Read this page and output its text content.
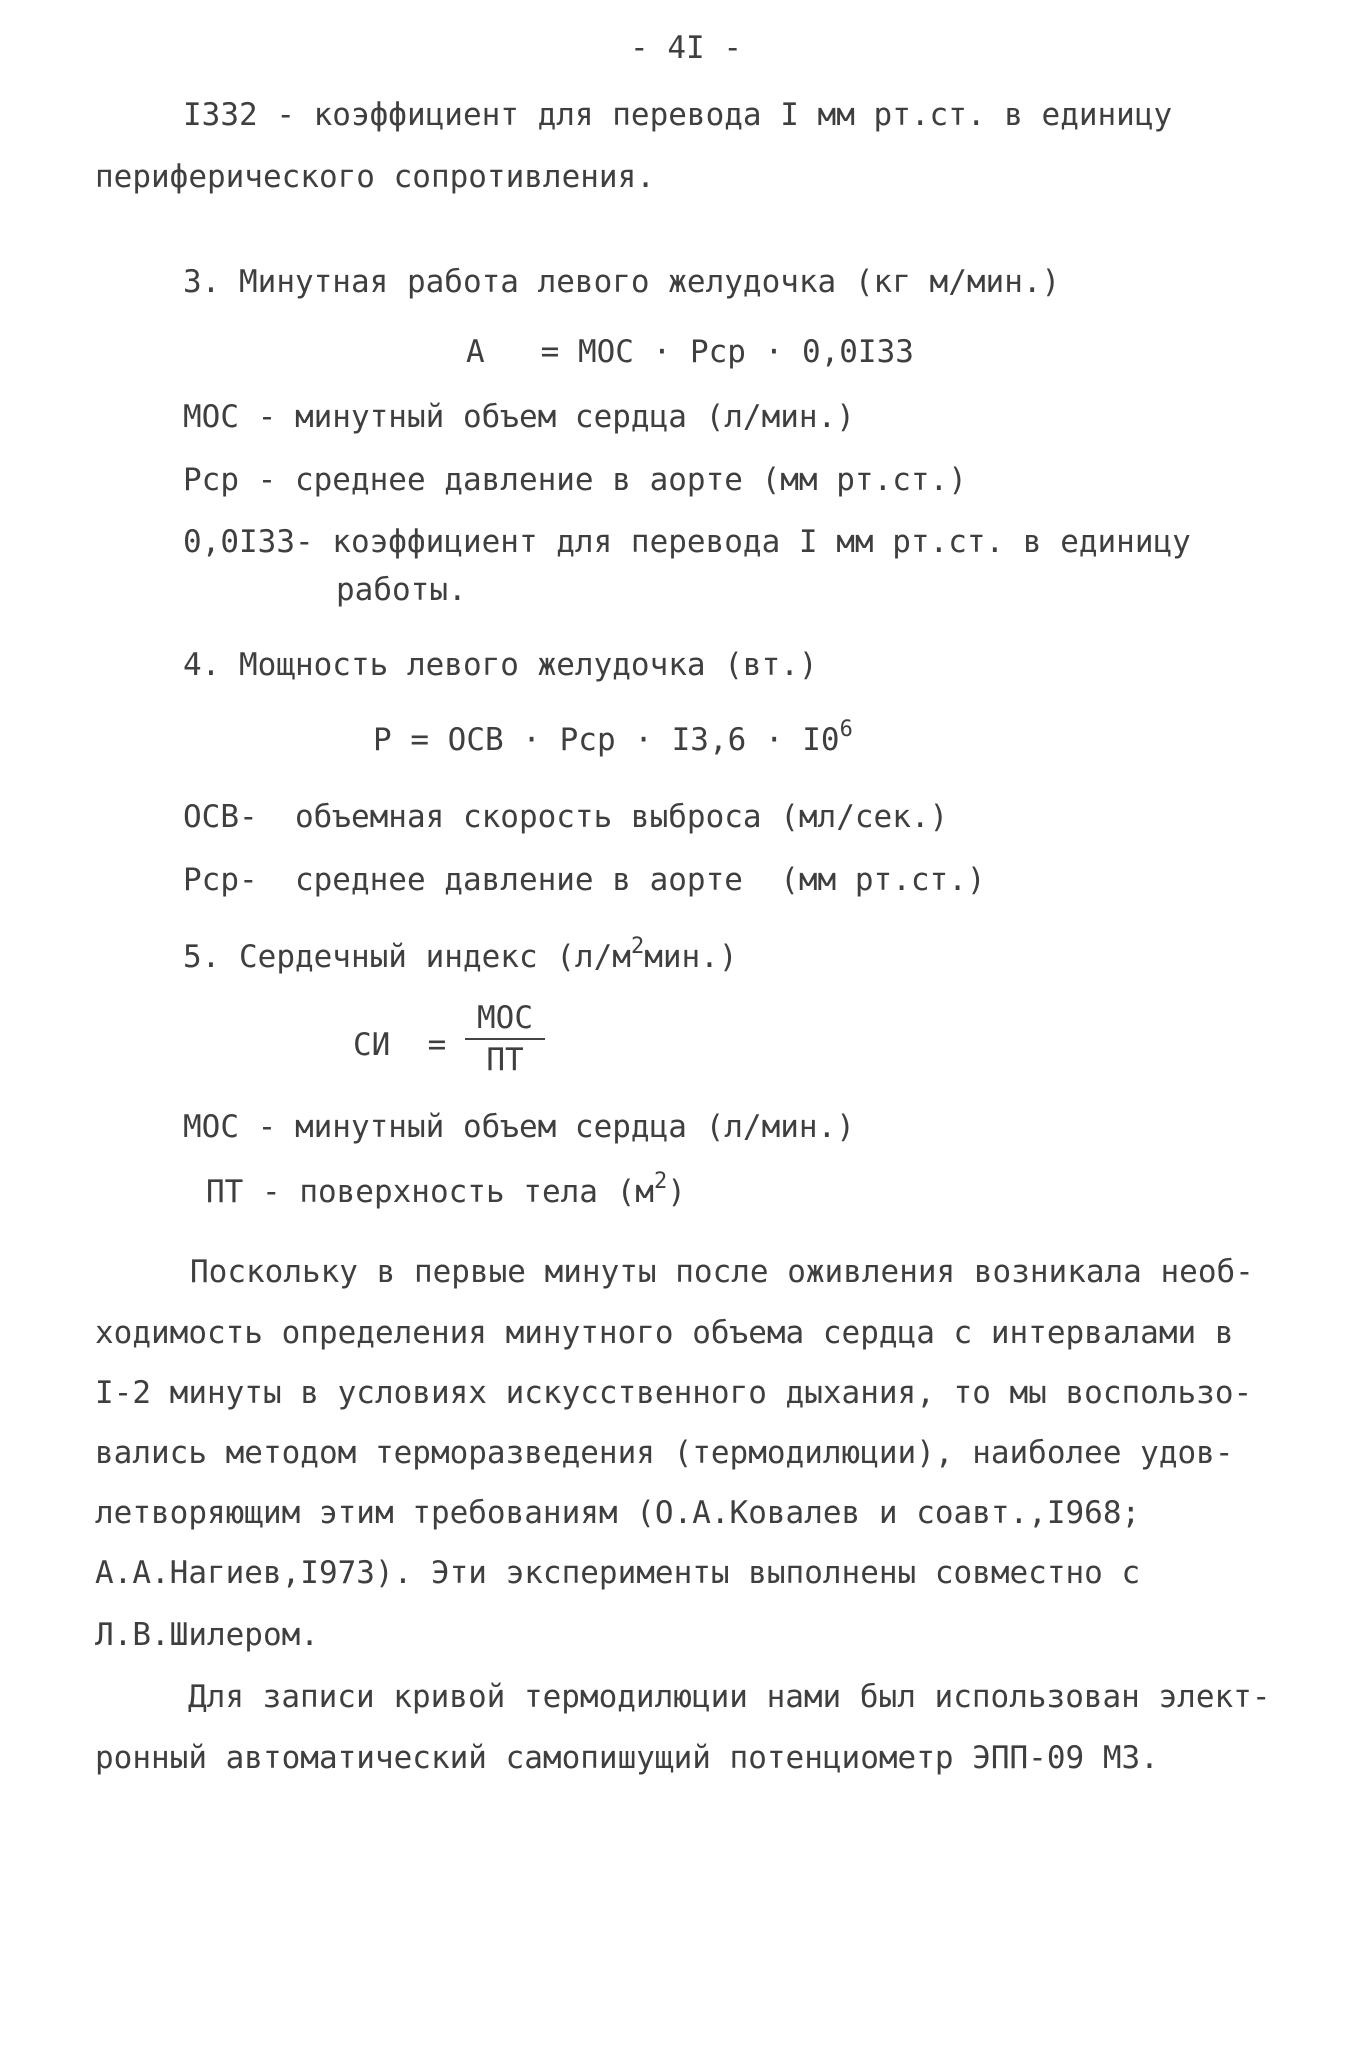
- 4I -
I332 - коэффициент для перевода I мм рт.ст. в единицу
периферического сопротивления.
3. Минутная работа левого желудочка (кг м/мин.)
А   = МОС · Рср · 0,0I33
МОС - минутный объем сердца (л/мин.)
Рср - среднее давление в аорте (мм рт.ст.)
0,0I33- коэффициент для перевода I мм рт.ст. в единицу
работы.
4. Мощность левого желудочка (вт.)
Р = ОСВ · Рср · $I3,6 \cdot I0^6$
ОСВ-  объемная скорость выброса (мл/сек.)
Рср-  среднее давление в аорте  (мм рт.ст.)
5. Сердечный индекс $(л/м^2мин.)$
СИ  =
МОС
ПТ
МОС - минутный объем сердца (л/мин.)
ПТ - поверхность тела $(м^2)$
Поскольку в первые минуты после оживления возникала необ-
ходимость определения минутного объема сердца с интервалами в
I-2 минуты в условиях искусственного дыхания, то мы воспользо-
вались методом терморазведения (термодилюции), наиболее удов-
летворяющим этим требованиям (О.А.Ковалев и соавт.,I968;
А.А.Нагиев,I973). Эти эксперименты выполнены совместно с
Л.В.Шилером.
Для записи кривой термодилюции нами был использован элект-
ронный автоматический самопишущий потенциометр ЭПП-09 МЗ.
